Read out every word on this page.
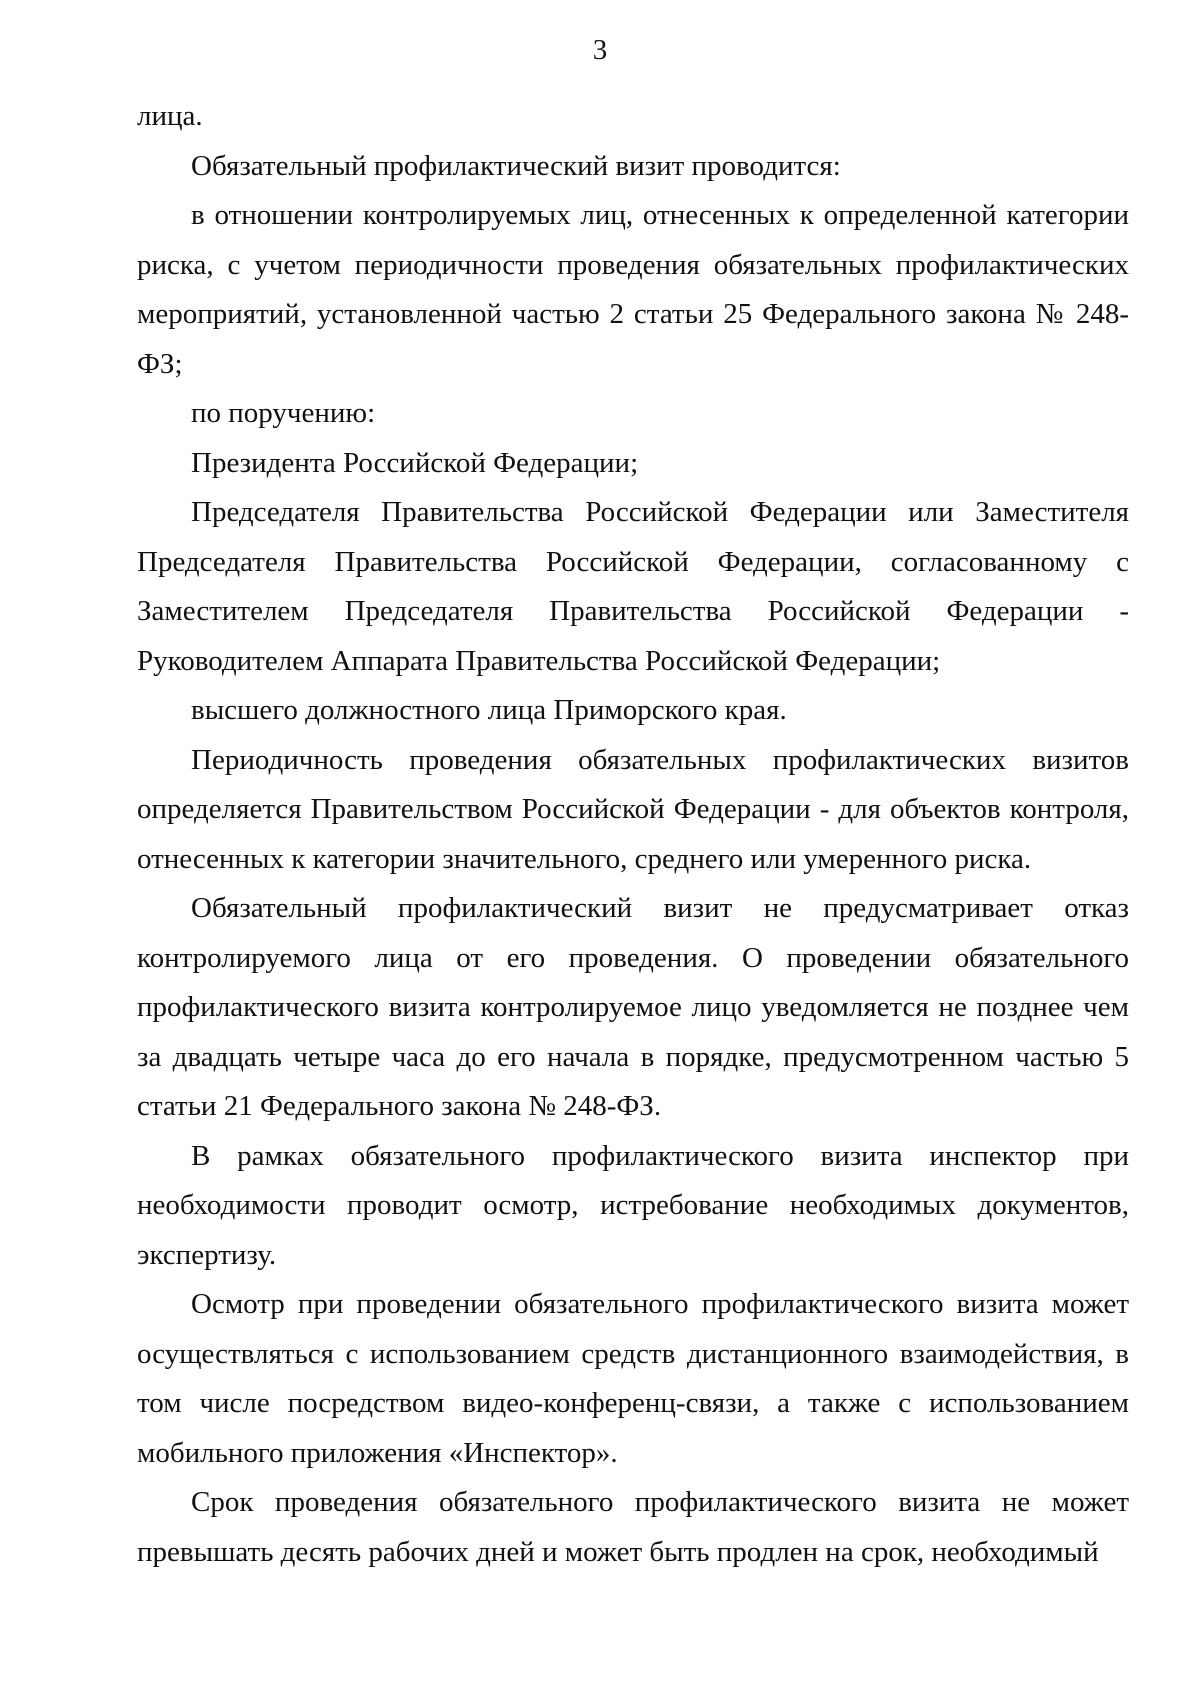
3

лица.

Обязательный профилактический визит проводится:

в отношении контролируемых лиц, отнесенных к определенной категории риска, с учетом периодичности проведения обязательных профилактических мероприятий, установленной частью 2 статьи 25 Федерального закона № 248-ФЗ;

по поручению:

Президента Российской Федерации;

Председателя Правительства Российской Федерации или Заместителя Председателя Правительства Российской Федерации, согласованному с Заместителем Председателя Правительства Российской Федерации - Руководителем Аппарата Правительства Российской Федерации;

высшего должностного лица Приморского края.

Периодичность проведения обязательных профилактических визитов определяется Правительством Российской Федерации - для объектов контроля, отнесенных к категории значительного, среднего или умеренного риска.

Обязательный профилактический визит не предусматривает отказ контролируемого лица от его проведения. О проведении обязательного профилактического визита контролируемое лицо уведомляется не позднее чем за двадцать четыре часа до его начала в порядке, предусмотренном частью 5 статьи 21 Федерального закона № 248-ФЗ.

В рамках обязательного профилактического визита инспектор при необходимости проводит осмотр, истребование необходимых документов, экспертизу.

Осмотр при проведении обязательного профилактического визита может осуществляться с использованием средств дистанционного взаимодействия, в том числе посредством видео-конференц-связи, а также с использованием мобильного приложения «Инспектор».

Срок проведения обязательного профилактического визита не может превышать десять рабочих дней и может быть продлен на срок, необходимый
